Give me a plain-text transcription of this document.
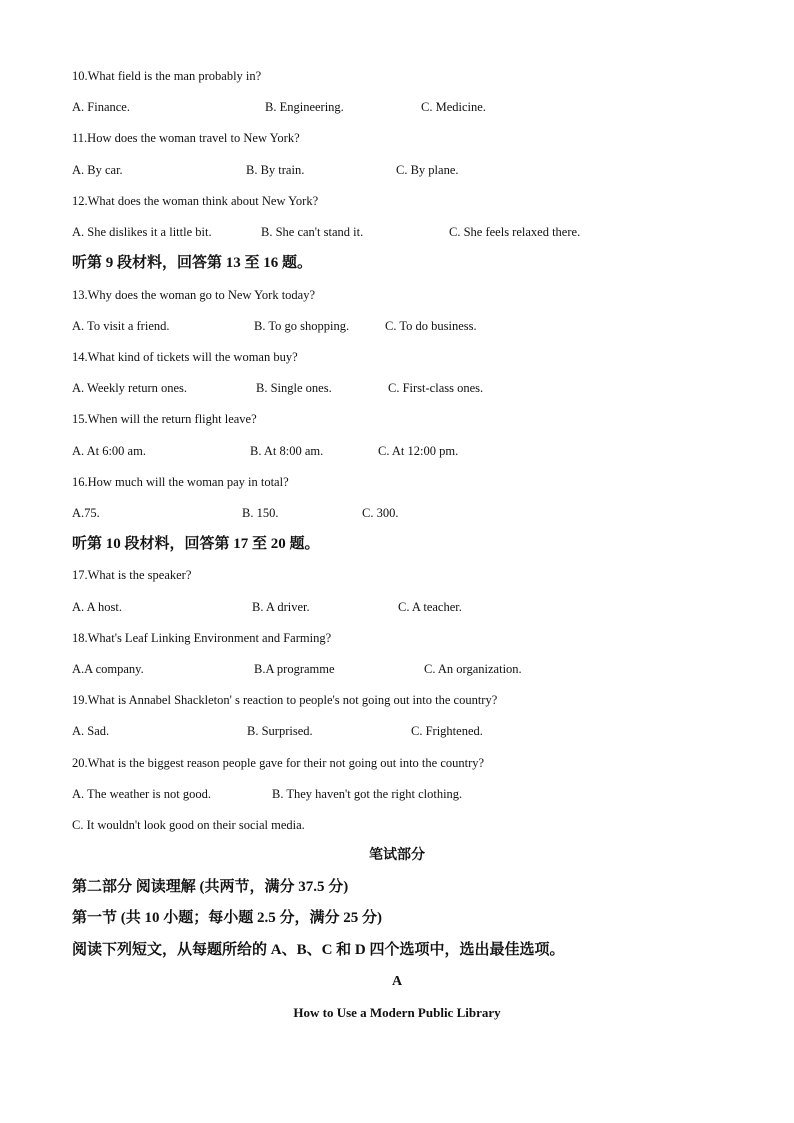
10.What field is the man probably in?
A. Finance.	B. Engineering.	C. Medicine.
11.How does the woman travel to New York?
A. By car.	B. By train.	C. By plane.
12.What does the woman think about New York?
A. She dislikes it a little bit.	B. She can't stand it.	C. She feels relaxed there.
听第 9 段材料，回答第 13 至 16 题。
13.Why does the woman go to New York today?
A. To visit a friend.	B. To go shopping.	C. To do business.
14.What kind of tickets will the woman buy?
A. Weekly return ones.	B. Single ones.	C. First-class ones.
15.When will the return flight leave?
A. At 6:00 am.	B. At 8:00 am.	C. At 12:00 pm.
16.How much will the woman pay in total?
A.75.	B. 150.	C. 300.
听第 10 段材料，回答第 17 至 20 题。
17.What is the speaker?
A. A host.	B. A driver.	C. A teacher.
18.What's Leaf Linking Environment and Farming?
A.A company.	B.A programme	C. An organization.
19.What is Annabel Shackleton' s reaction to people's not going out into the country?
A. Sad.	B. Surprised.	C. Frightened.
20.What is the biggest reason people gave for their not going out into the country?
A. The weather is not good.	B. They haven't got the right clothing.
C. It wouldn't look good on their social media.
笔试部分
第二部分 阅读理解 (共两节，满分 37.5 分)
第一节 (共 10 小题；每小题 2.5 分，满分 25 分)
阅读下列短文，从每题所给的 A、B、C 和 D 四个选项中，选出最佳选项。
A
How to Use a Modern Public Library
